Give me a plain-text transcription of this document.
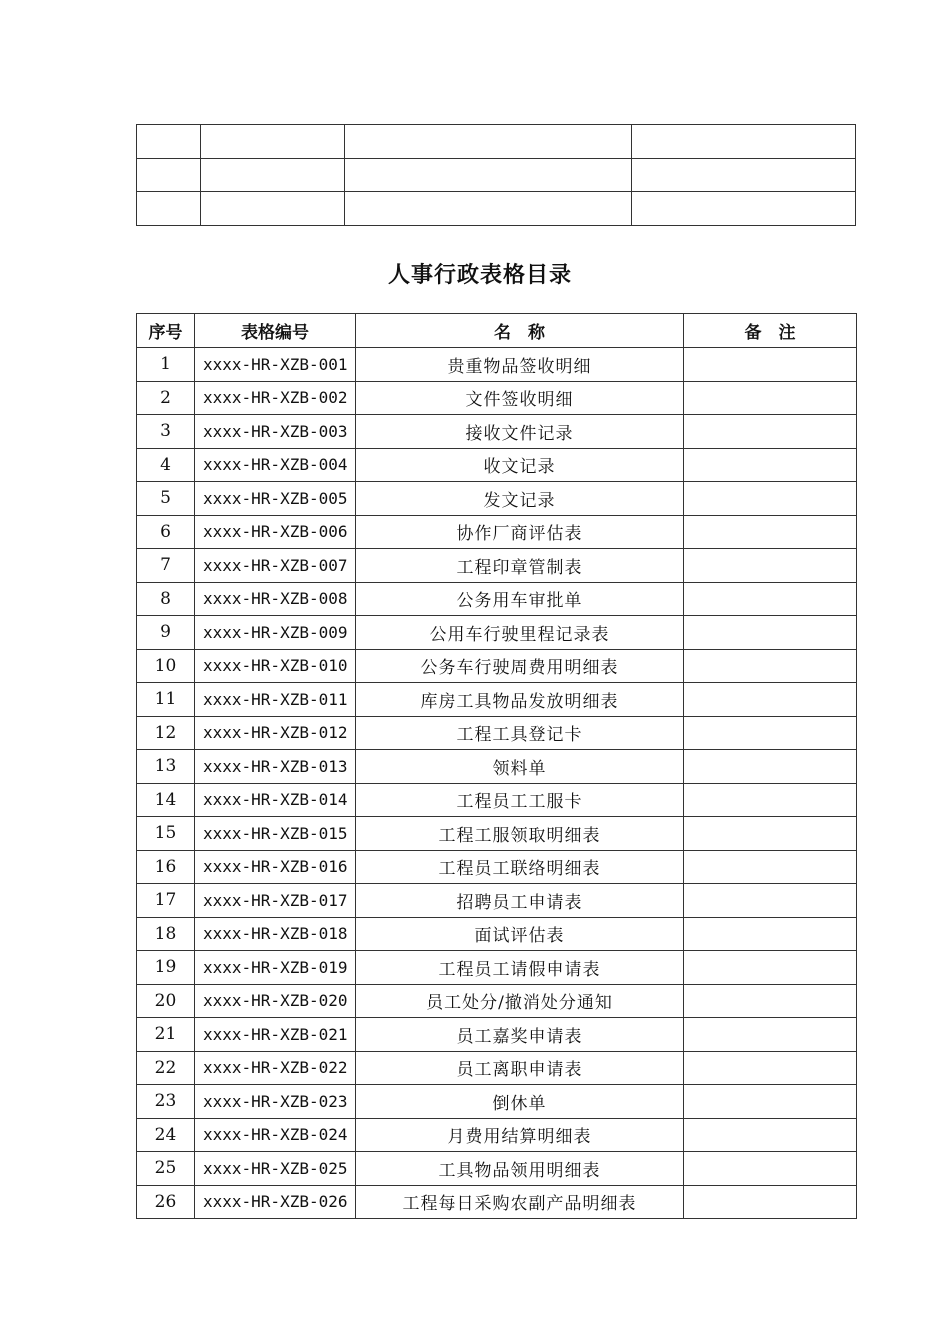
人事行政表格目录
序号	表格编号	名　称	备　注
1	xxxx-HR-XZB-001	贵重物品签收明细	
2	xxxx-HR-XZB-002	文件签收明细	
3	xxxx-HR-XZB-003	接收文件记录	
4	xxxx-HR-XZB-004	收文记录	
5	xxxx-HR-XZB-005	发文记录	
6	xxxx-HR-XZB-006	协作厂商评估表	
7	xxxx-HR-XZB-007	工程印章管制表	
8	xxxx-HR-XZB-008	公务用车审批单	
9	xxxx-HR-XZB-009	公用车行驶里程记录表	
10	xxxx-HR-XZB-010	公务车行驶周费用明细表	
11	xxxx-HR-XZB-011	库房工具物品发放明细表	
12	xxxx-HR-XZB-012	工程工具登记卡	
13	xxxx-HR-XZB-013	领料单	
14	xxxx-HR-XZB-014	工程员工工服卡	
15	xxxx-HR-XZB-015	工程工服领取明细表	
16	xxxx-HR-XZB-016	工程员工联络明细表	
17	xxxx-HR-XZB-017	招聘员工申请表	
18	xxxx-HR-XZB-018	面试评估表	
19	xxxx-HR-XZB-019	工程员工请假申请表	
20	xxxx-HR-XZB-020	员工处分/撤消处分通知	
21	xxxx-HR-XZB-021	员工嘉奖申请表	
22	xxxx-HR-XZB-022	员工离职申请表	
23	xxxx-HR-XZB-023	倒休单	
24	xxxx-HR-XZB-024	月费用结算明细表	
25	xxxx-HR-XZB-025	工具物品领用明细表	
26	xxxx-HR-XZB-026	工程每日采购农副产品明细表	
